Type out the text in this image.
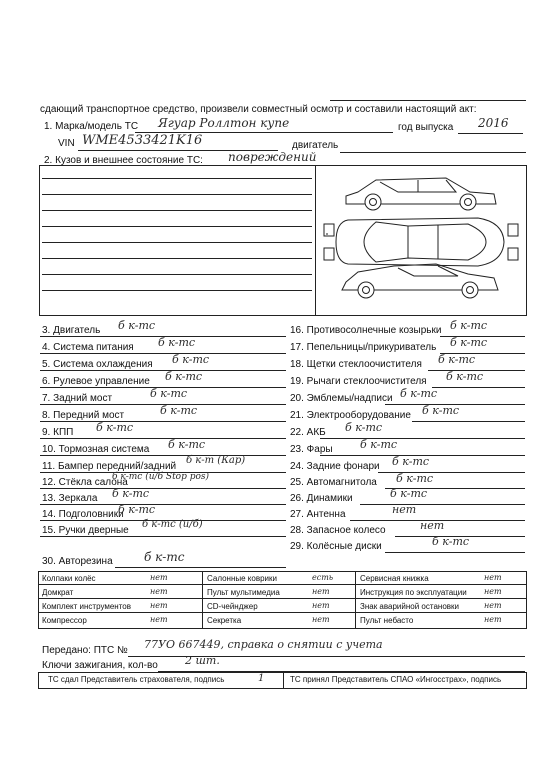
сдающий транспортное средство, произвели совместный осмотр и составили настоящий акт:
1. Марка/модель ТС Ягуар Роллтон купе	год выпуска 2016
VIN WME4533421K16	двигатель
2. Кузов и внешнее состояние ТС: повреждений
3. Двигатель б к-тс
4. Система питания б к-тс
5. Система охлаждения б к-тс
6. Рулевое управление б к-тс
7. Задний мост	б к-тс
8. Передний мост	б к-тс
9. КПП б к-тс
10. Тормозная система б к-тс
11. Бампер передний/задний
б к-т (Кар)
12. Стёкла салона
б к-тс (и/б Stop pos)
13. Зеркала б к-тс
14. Подголовники
б к-тс
15. Ручки дверные
б к-тс (и/б)
16. Противосолнечные козырьки б к-тс
17. Пепельницы/прикуриватель б к-тс
18. Щетки стеклоочистителя б к-тс
19. Рычаги стеклоочистителя б к-тс
20. Эмблемы/надписи б к-тс
21. Электрооборудование б к-тс
22. АКБ б к-тс
23. Фары б к-тс
24. Задние фонари б к-тс
25. Автомагнитола б к-тс
26. Динамики	б к-тс
27. Антенна	нет
28. Запасное колесо	нет
29. Колёсные диски	б к-тс
30. Авторезина	б к-тс
Колпаки колёс	нет	Салонные коврики	есть	Сервисная книжка	нет
Домкрат	нет	Пульт мультимедиа	нет	Инструкция по эксплуатации нет
Комплект инструментов нет	CD-чейнджер	нет	Знак аварийной остановки	нет
Компрессор	нет	Секретка	нет	Пульт небасто	нет
Передано: ПТС № 77УО 667449, справка о снятии с учета
Ключи зажигания, кол-во 2 шт.
ТС сдал Представитель страхователя, подпись	1	ТС принял Представитель СПАО «Ингосстрах», подпись
